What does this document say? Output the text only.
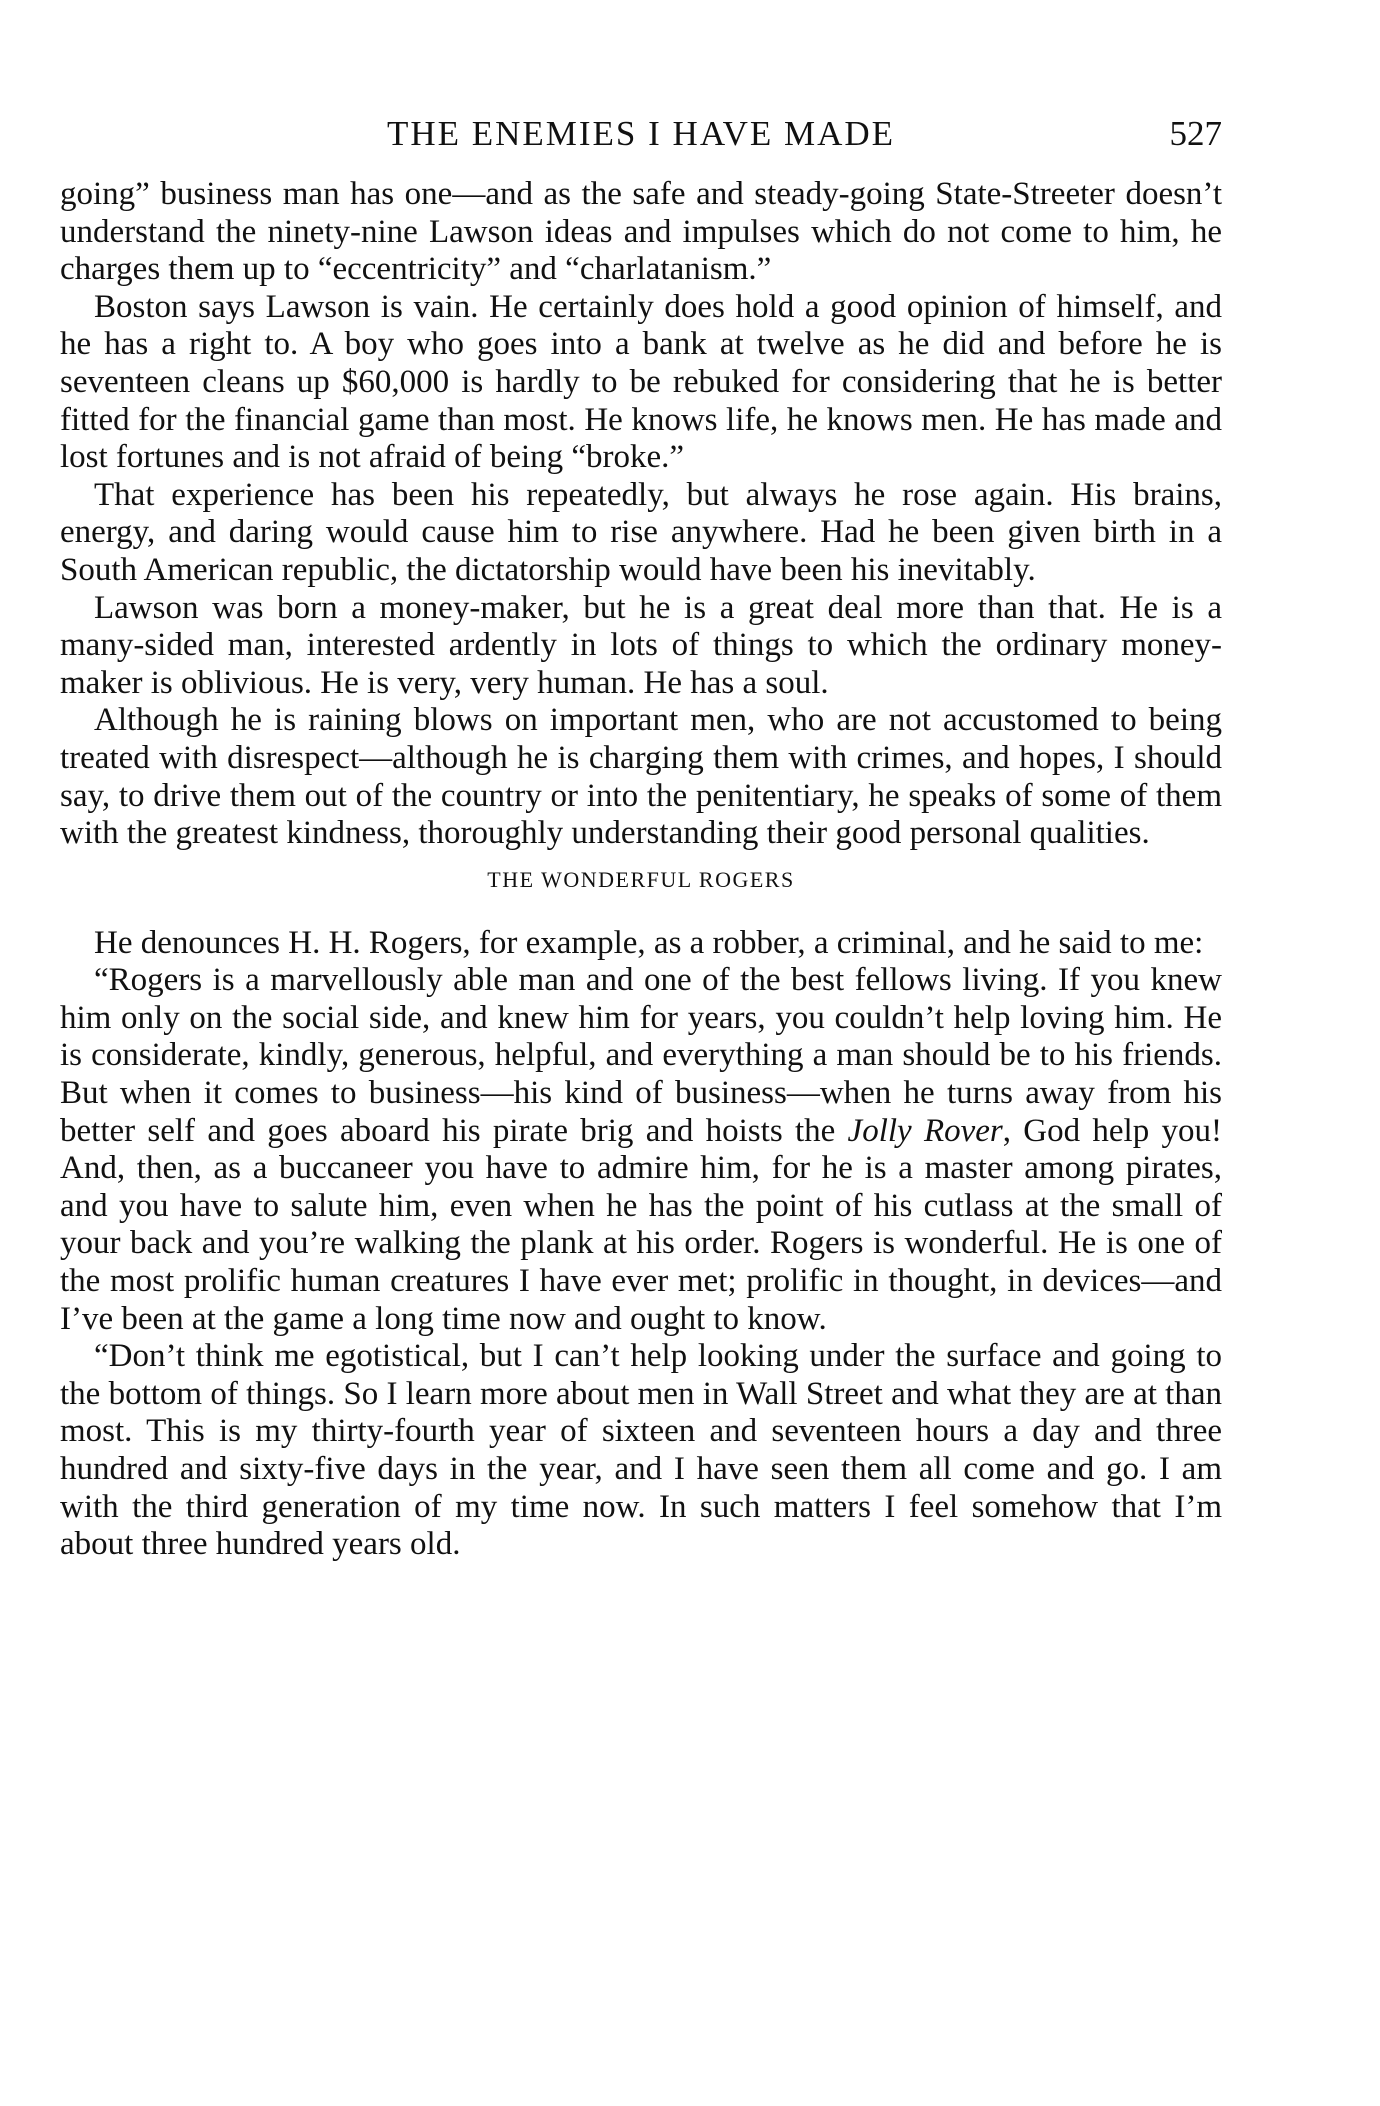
THE ENEMIES I HAVE MADE	527

going” business man has one—and as the safe and steady-going State-Streeter doesn’t understand the ninety-nine Lawson ideas and impulses which do not come to him, he charges them up to “eccentricity” and “charlatanism.”

Boston says Lawson is vain. He certainly does hold a good opinion of himself, and he has a right to. A boy who goes into a bank at twelve as he did and before he is seventeen cleans up $60,000 is hardly to be rebuked for considering that he is better fitted for the financial game than most. He knows life, he knows men. He has made and lost fortunes and is not afraid of being “broke.”

That experience has been his repeatedly, but always he rose again. His brains, energy, and daring would cause him to rise anywhere. Had he been given birth in a South American republic, the dictatorship would have been his inevitably.

Lawson was born a money-maker, but he is a great deal more than that. He is a many-sided man, interested ardently in lots of things to which the ordinary money-maker is oblivious. He is very, very human. He has a soul.

Although he is raining blows on important men, who are not accustomed to being treated with disrespect—although he is charging them with crimes, and hopes, I should say, to drive them out of the country or into the penitentiary, he speaks of some of them with the greatest kindness, thoroughly understanding their good personal qualities.

THE WONDERFUL ROGERS

He denounces H. H. Rogers, for example, as a robber, a criminal, and he said to me:

“Rogers is a marvellously able man and one of the best fellows living. If you knew him only on the social side, and knew him for years, you couldn’t help loving him. He is considerate, kindly, generous, helpful, and everything a man should be to his friends. But when it comes to business—his kind of business—when he turns away from his better self and goes aboard his pirate brig and hoists the Jolly Rover, God help you! And, then, as a buccaneer you have to admire him, for he is a master among pirates, and you have to salute him, even when he has the point of his cutlass at the small of your back and you’re walking the plank at his order. Rogers is wonderful. He is one of the most prolific human creatures I have ever met; prolific in thought, in devices—and I’ve been at the game a long time now and ought to know.

“Don’t think me egotistical, but I can’t help looking under the surface and going to the bottom of things. So I learn more about men in Wall Street and what they are at than most. This is my thirty-fourth year of sixteen and seventeen hours a day and three hundred and sixty-five days in the year, and I have seen them all come and go. I am with the third generation of my time now. In such matters I feel somehow that I’m about three hundred years old.
